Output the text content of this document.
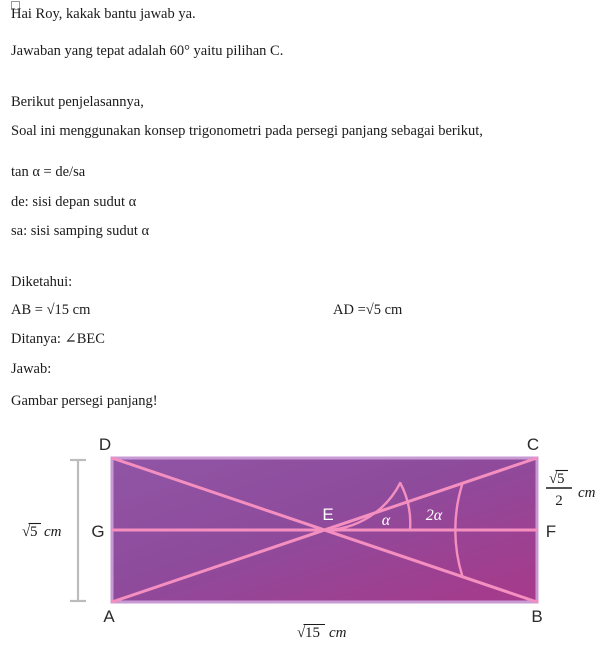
Hai Roy, kakak bantu jawab ya.
Jawaban yang tepat adalah 60° yaitu pilihan C.
Berikut penjelasannya,
Soal ini menggunakan konsep trigonometri pada persegi panjang sebagai berikut,
tan α = de/sa
de: sisi depan sudut α
sa: sisi samping sudut α
Diketahui:
AB = √15 cm	AD =√5 cm
Ditanya: ∠BEC
Jawab:
Gambar persegi panjang!
D	C
A	B
G	F
E	α 2α
√ 5 cm
√ 15 cm
√ 5
2 cm
